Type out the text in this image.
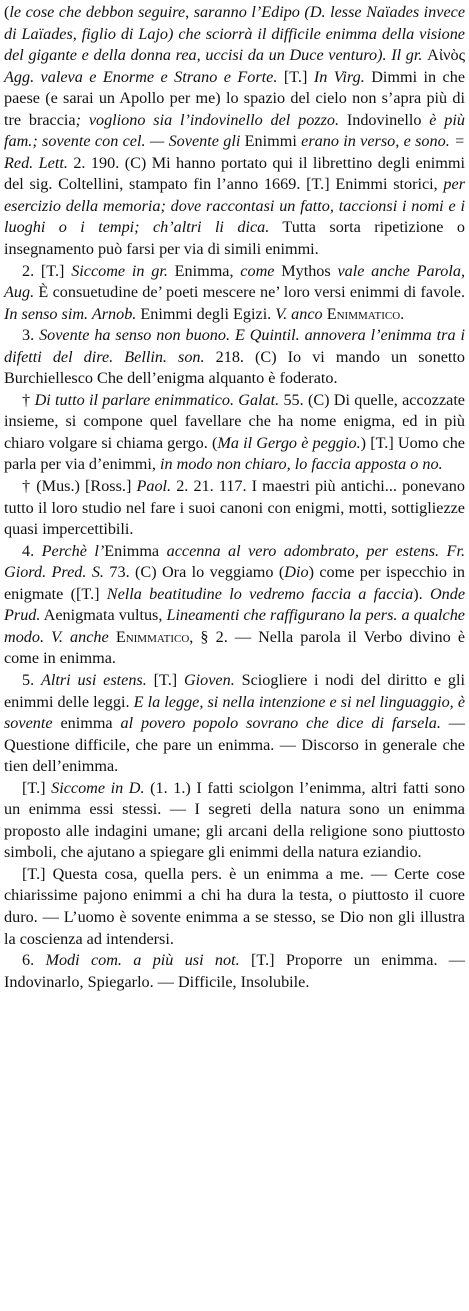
(le cose che debbon seguire, saranno l’Edipo (D. lesse Naïades invece di Laïades, figlio di Lajo) che sciorrà il difficile enimma della visione del gigante e della donna rea, uccisi da un Duce venturo). Il gr. Αἰνὸς Agg. valeva e Enorme e Strano e Forte. [T.] In Virg. Dimmi in che paese (e sarai un Apollo per me) lo spazio del cielo non s’apra più di tre braccia; vogliono sia l’indovinello del pozzo. Indovinello è più fam.; sovente con cel. — Sovente gli Enimmi erano in verso, e sono. = Red. Lett. 2. 190. (C) Mi hanno portato qui il librettino degli enimmi del sig. Coltellini, stampato fin l’anno 1669. [T.] Enimmi storici, per esercizio della memoria; dove raccontasi un fatto, taccionsi i nomi e i luoghi o i tempi; ch’altri li dica. Tutta sorta ripetizione o insegnamento può farsi per via di simili enimmi.
2. [T.] Siccome in gr. Enimma, come Mythos vale anche Parola, Aug. È consuetudine de’ poeti mescere ne’ loro versi enimmi di favole. In senso sim. Arnob. Enimmi degli Egizi. V. anco Enimmatico.
3. Sovente ha senso non buono. E Quintil. annovera l’enimma tra i difetti del dire. Bellin. son. 218. (C) Io vi mando un sonetto Burchiellesco Che dell’enigma alquanto è foderato.
† Di tutto il parlare enimmatico. Galat. 55. (C) Di quelle, accozzate insieme, si compone quel favellare che ha nome enigma, ed in più chiaro volgare si chiama gergo. (Ma il Gergo è peggio.) [T.] Uomo che parla per via d’enimmi, in modo non chiaro, lo faccia apposta o no.
† (Mus.) [Ross.] Paol. 2. 21. 117. I maestri più antichi... ponevano tutto il loro studio nel fare i suoi canoni con enigmi, motti, sottigliezze quasi impercettibili.
4. Perchè l’Enimma accenna al vero adombrato, per estens. Fr. Giord. Pred. S. 73. (C) Ora lo veggiamo (Dio) come per ispecchio in enigmate ([T.] Nella beatitudine lo vedremo faccia a faccia). Onde Prud. Aenigmata vultus, Lineamenti che raffigurano la pers. a qualche modo. V. anche Enimmatico, § 2. — Nella parola il Verbo divino è come in enimma.
5. Altri usi estens. [T.] Gioven. Sciogliere i nodi del diritto e gli enimmi delle leggi. E la legge, si nella intenzione e si nel linguaggio, è sovente enimma al povero popolo sovrano che dice di farsela. — Questione difficile, che pare un enimma. — Discorso in generale che tien dell’enimma.
[T.] Siccome in D. (1. 1.) I fatti sciolgon l’enimma, altri fatti sono un enimma essi stessi. — I segreti della natura sono un enimma proposto alle indagini umane; gli arcani della religione sono piuttosto simboli, che ajutano a spiegare gli enimmi della natura eziandio.
[T.] Questa cosa, quella pers. è un enimma a me. — Certe cose chiarissime pajono enimmi a chi ha dura la testa, o piuttosto il cuore duro. — L’uomo è sovente enimma a se stesso, se Dio non gli illustra la coscienza ad intendersi.
6. Modi com. a più usi not. [T.] Proporre un enimma. — Indovinarlo, Spiegarlo. — Difficile, Insolubile.
